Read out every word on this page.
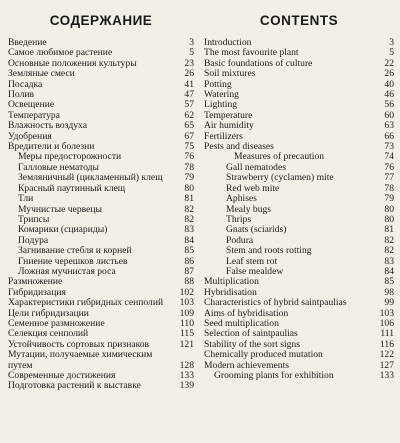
СОДЕРЖАНИЕ
Введение	3
Самое любимое растение	5
Основные положения культуры	23
Земляные смеси	26
Посадка	41
Полив	47
Освещение	57
Температура	62
Влажность воздуха	65
Удобрения	67
Вредители и болезни	75
Меры предосторожности	76
Галловые нематоды	78
Земляничный (цикламенный) клещ	79
Красный паутинный клещ	80
Тли	81
Мучнистые червецы	82
Трипсы	82
Комарики (сциариды)	83
Подура	84
Загнивание стебля и корней	85
Гниение черешков листьев	86
Ложная мучнистая роса	87
Размножение	88
Гибридизация	102
Характеристики гибридных сенполий	103
Цели гибридизации	109
Семенное размножение	110
Селекция сенполий	115
Устойчивость сортовых признаков	121
Мутации, получаемые химическим путем	128
Современные достижения	133
Подготовка растений к выставке	139
CONTENTS
Introduction	3
The most favourite plant	5
Basic foundations of culture	22
Soil mixtures	26
Potting	40
Watering	46
Lighting	56
Temperature	60
Air humidity	63
Fertilizers	66
Pests and diseases	73
Measures of precaution	74
Gall nematodes	76
Strawberry (cyclamen) mite	77
Red web mite	78
Aphises	79
Mealy bugs	80
Thrips	80
Gnats (sciarids)	81
Podura	82
Stem and roots rotting	82
Leaf stem rot	83
False mealdew	84
Multiplication	85
Hybridisation	98
Characteristics of hybrid saintpaulias	99
Aims of hybridisation	103
Seed multiplication	106
Selection of saintpaulias	111
Stability of the sort signs	116
Chemically produced mutation	122
Modern achievements	127
Grooming plants for exhibition	133
